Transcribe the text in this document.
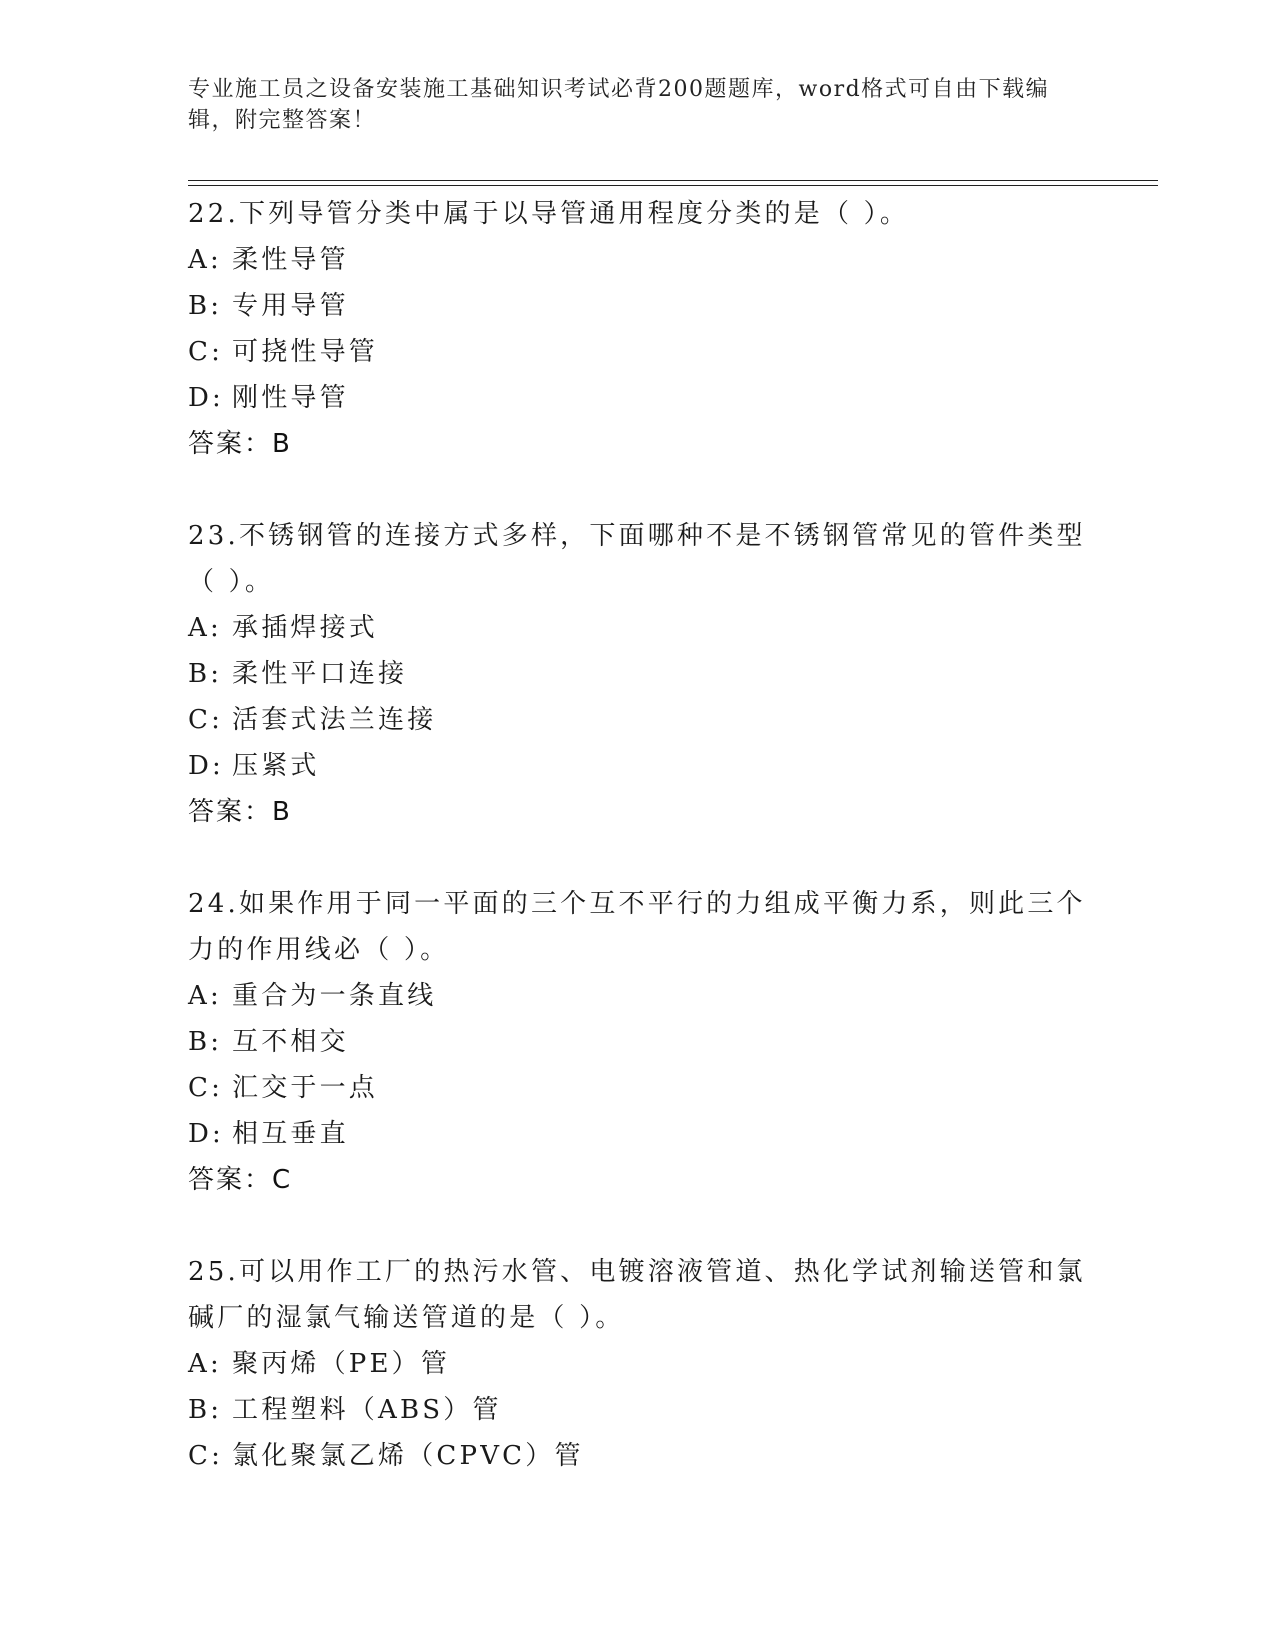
专业施工员之设备安装施工基础知识考试必背200题题库，word格式可自由下载编辑，附完整答案！

22.下列导管分类中属于以导管通用程度分类的是（ ）。

A: 柔性导管

B: 专用导管

C: 可挠性导管

D: 刚性导管

答案：B

23.不锈钢管的连接方式多样，下面哪种不是不锈钢管常见的管件类型（ ）。

A: 承插焊接式

B: 柔性平口连接

C: 活套式法兰连接

D: 压紧式

答案：B

24.如果作用于同一平面的三个互不平行的力组成平衡力系，则此三个力的作用线必（ ）。

A: 重合为一条直线

B: 互不相交

C: 汇交于一点

D: 相互垂直

答案：C

25.可以用作工厂的热污水管、电镀溶液管道、热化学试剂输送管和氯碱厂的湿氯气输送管道的是（ ）。

A: 聚丙烯（PE）管

B: 工程塑料（ABS）管

C: 氯化聚氯乙烯（CPVC）管
